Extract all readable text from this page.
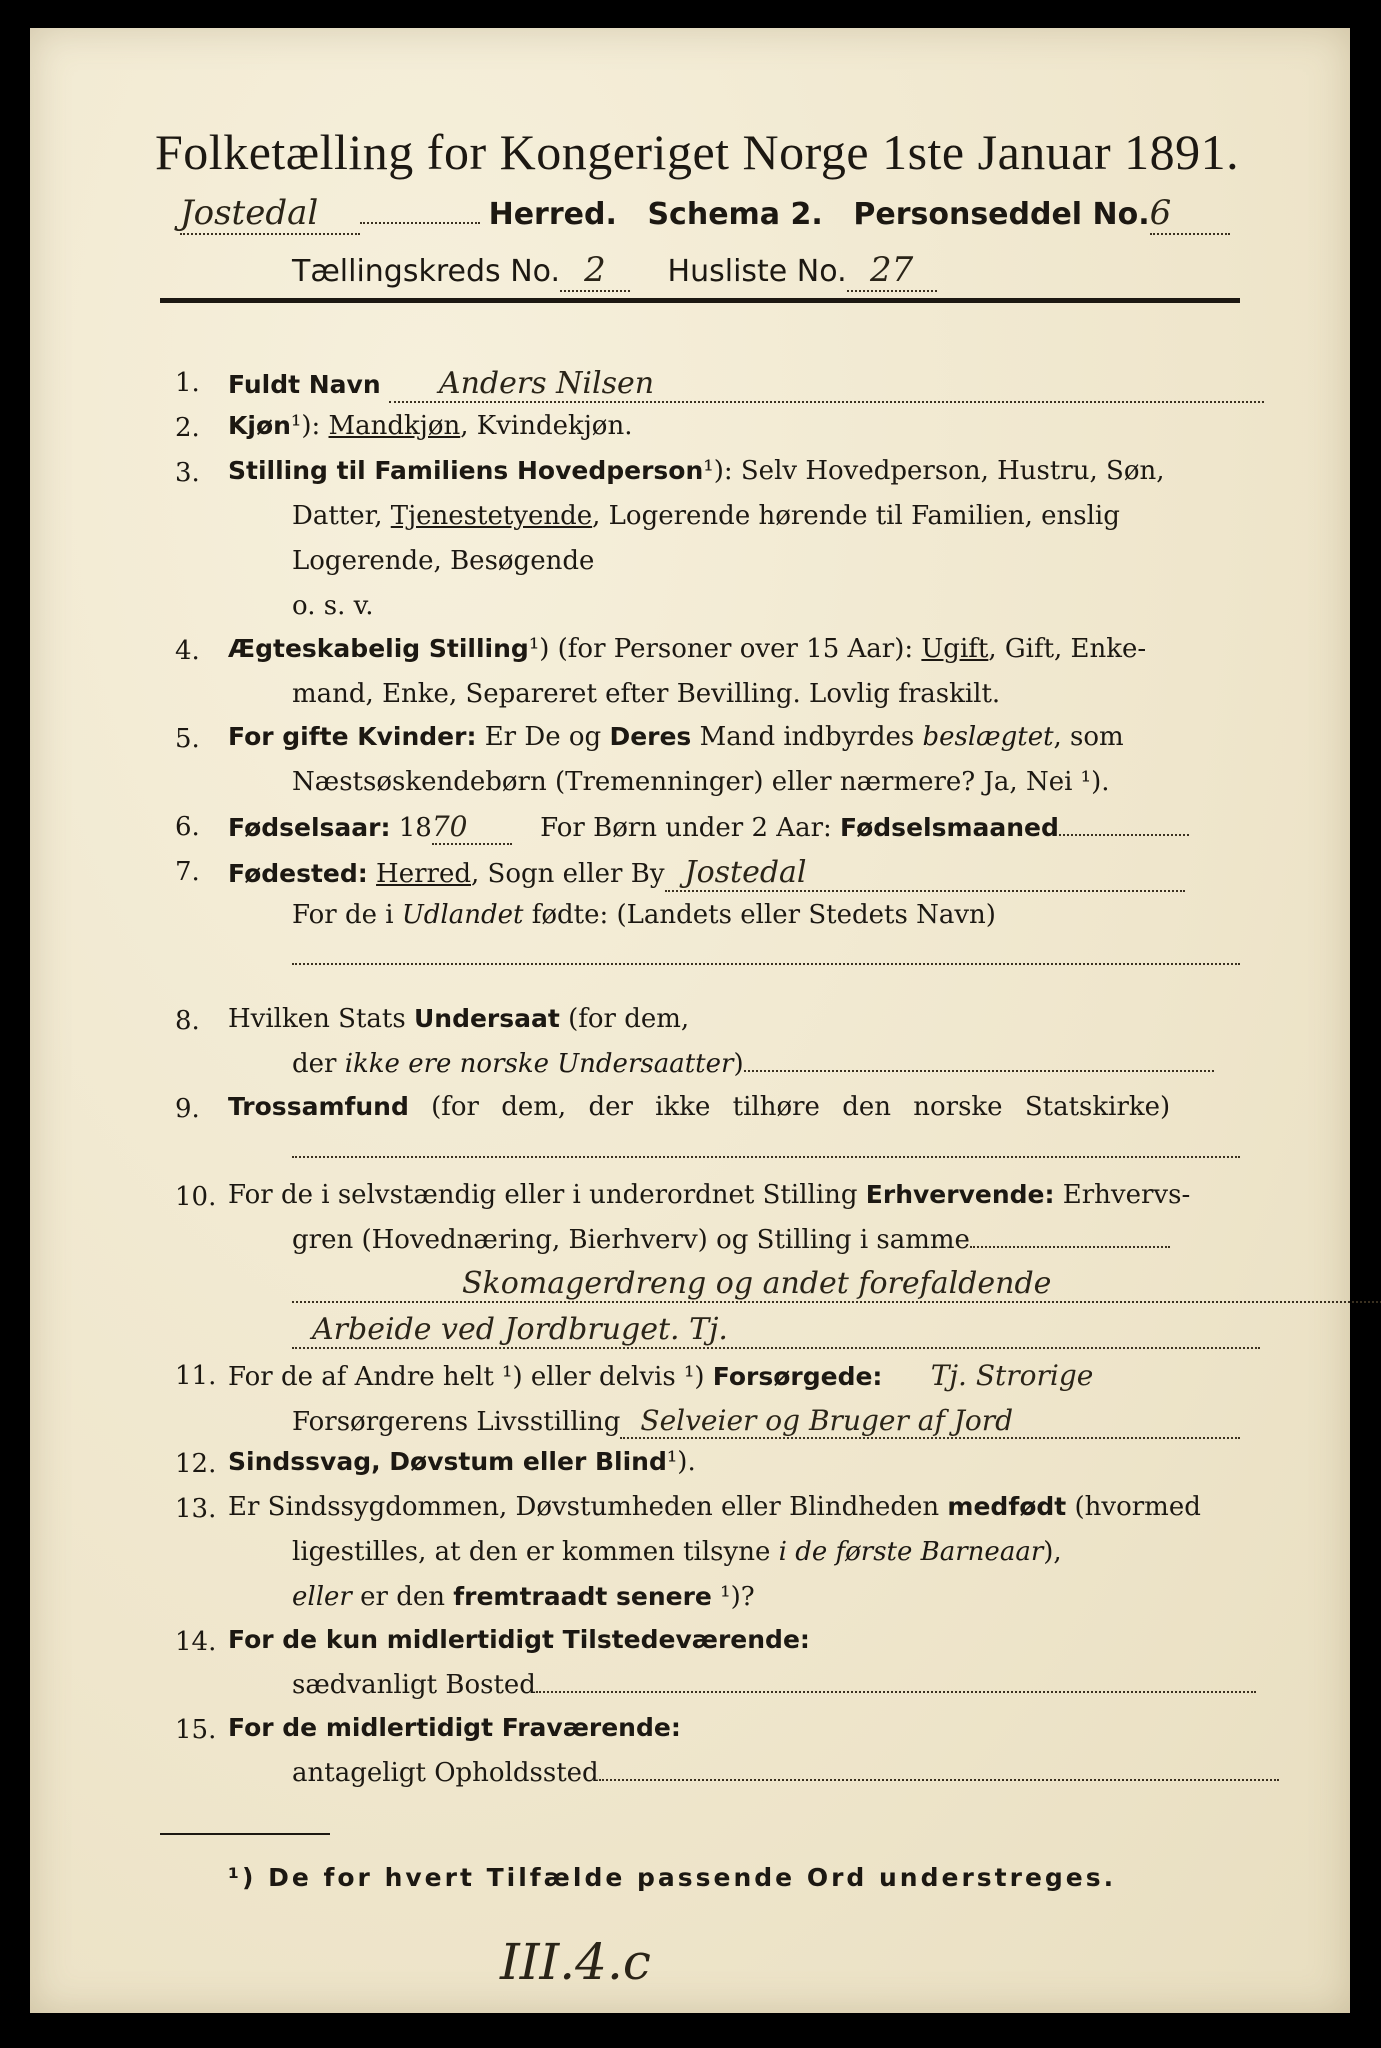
Folketælling for Kongeriget Norge 1ste Januar 1891.
Jostedal	Herred. Schema 2. Personseddel No.6
Tællingskreds No. 2 Husliste No. 27
1. Fuldt Navn Anders Nilsen
2. Kjøn¹): Mandkjøn, Kvindekjøn.
3. Stilling til Familiens Hovedperson¹): Selv Hovedperson, Hustru, Søn,
Datter, Tjenestetyende, Logerende hørende til Familien, enslig
Logerende, Besøgende
o. s. v.
4. Ægteskabelig Stilling¹) (for Personer over 15 Aar): Ugift, Gift, Enke-
mand, Enke, Separeret efter Bevilling. Lovlig fraskilt.
5. For gifte Kvinder: Er De og Deres Mand indbyrdes beslægtet, som
Næstsøskendebørn (Tremenninger) eller nærmere? Ja, Nei ¹).
6. Fødselsaar: 1870	For Børn under 2 Aar: Fødselsmaaned
7. Fødested: Herred, Sogn eller By Jostedal
For de i Udlandet fødte: (Landets eller Stedets Navn)
8. Hvilken Stats Undersaat (for dem,
der ikke ere norske Undersaatter)
9. Trossamfund (for dem, der ikke tilhøre den norske Statskirke)
10. For de i selvstændig eller i underordnet Stilling Erhvervende: Erhvervs-
gren (Hovednæring, Bierhverv) og Stilling i samme
Skomagerdreng og andet forefaldende
Arbeide ved Jordbruget. Tj.
11. For de af Andre helt ¹) eller delvis ¹) Forsørgede: Tj. Strorige
Forsørgerens Livsstilling Selveier og Bruger af Jord
12. Sindssvag, Døvstum eller Blind¹).
13. Er Sindssygdommen, Døvstumheden eller Blindheden medfødt (hvormed
ligestilles, at den er kommen tilsyne i de første Barneaar),
eller er den fremtraadt senere ¹)?
14. For de kun midlertidigt Tilstedeværende:
sædvanligt Bosted
15. For de midlertidigt Fraværende:
antageligt Opholdssted
¹) De for hvert Tilfælde passende Ord understreges.
III.4.c
